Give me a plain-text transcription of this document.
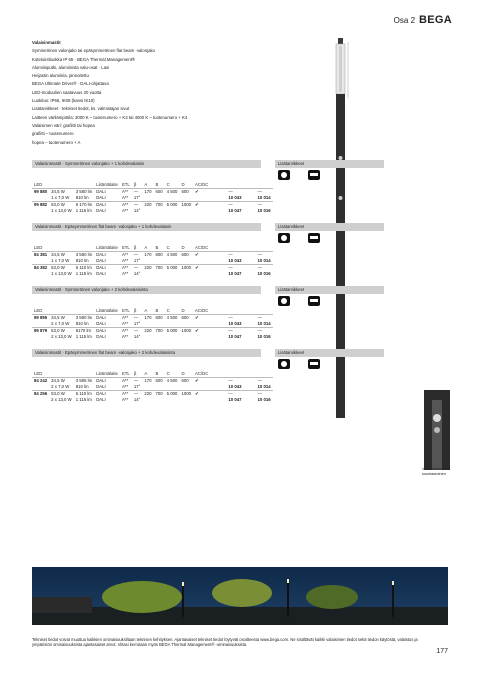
Osa 2 BEGA

Valaisinmastit

Symmetrinen valonjako tai epäsymmetrinen flat beam -valonjako

Kotelointiluokka IP 65 · BEGA Thermal Management®

Alumiiniputki, alumiinista valu-osat · Lasi

Heijastin alumiinia, pinnoitettu

BEGA Ultimate Driver® · DALI-ohjattava

LED-moduulien saatavuus 20 vuotta

Luokitus: IP65, IK08 (kansi IK10)

Lisätarvikkeet · tekniset tiedot, ks. valmistajan sivut

Laitteen värilämpötila: 3000 K – tuotenumero + K3 tai 4000 K – tuotenumero + K4

Valaisimen väri: grafiitti tai hopea

grafiitti – tuotenumero

hopea – tuotenumero + A

Valaisinmastit · Symmetrinen valonjako + 1 kohdevalaisin	Lisätarvikkeet
LED			Liitäntälaite	ETL	β	A	B	C	D	AC/DC		
99 880	34,5 W	3 580 lm	DALI	A**	—	170	600	4 500	600	✔	—	—
	1 x 7,0 W	810 lm	DALI	A**	17°						10 043	10 014
99 882	53,0 W	6 170 lm	DALI	A**	—	220	700	5 000	1000	✔	—	—
	1 x 13,0 W	1 115 lm	DALI	A**	14°						10 047	10 016
Valaisinmastit · Epäsymmetrinen flat beam -valonjako + 1 kohdevalaisin	Lisätarvikkeet
LED			Liitäntälaite	ETL	β	A	B	C	D	AC/DC		
84 381	34,5 W	3 580 lm	DALI	A**	—	170	600	4 500	600	✔	—	—
	1 x 7,0 W	810 lm	DALI	A**	17°						10 043	10 014
84 382	53,0 W	6 110 lm	DALI	A**	—	220	700	5 000	1000	✔	—	—
	1 x 13,0 W	1 115 lm	DALI	A**	14°						10 047	10 016
Valaisinmastit · Symmetrinen valonjako + 2 kohdevalaisinta	Lisätarvikkeet
LED			Liitäntälaite	ETL	β	A	B	C	D	AC/DC		
99 895	34,5 W	3 580 lm	DALI	A**	—	170	600	4 500	600	✔	—	—
	2 x 7,0 W	810 lm	DALI	A**	17°						10 043	10 014
99 879	53,0 W	6170 lm	DALI	A**	—	220	700	5 000	1000	✔	—	—
	2 x 13,0 W	1 115 lm	DALI	A**	14°						10 047	10 016
Valaisinmastit · Epäsymmetrinen flat beam -valonjako + 2 kohdevalaisinta	Lisätarvikkeet
LED			Liitäntälaite	ETL	β	A	B	C	D	AC/DC		
84 242	34,5 W	3 585 lm	DALI	A**	—	170	600	4 500	600	✔	—	—
	2 x 7,0 W	810 lm	DALI	A**	17°						10 043	10 014
84 256	53,0 W	6 110 lm	DALI	A**	—	220	700	5 000	1000	✔	—	—
	2 x 13,0 W	1 115 lm	DALI	A**	14°						10 047	10 016
Valaisinmastinen suuntaaminen
Tekniset tiedot voivat muuttua kaikkien ominaisuuksiltaan teknisen kehityksen. Ajantasaiset tekniset tiedot löytyvät osoitteesta www.bega.com. Ne sisältävät kaikki valaisimen tiedot sekä tiedon käytöstä, valaistus ja ympäristön ominaisuuksista ajantasaiset arvot. Viitasi kerrotaan myös BEGA Thermal Management® -ominaisuuksista.
177
